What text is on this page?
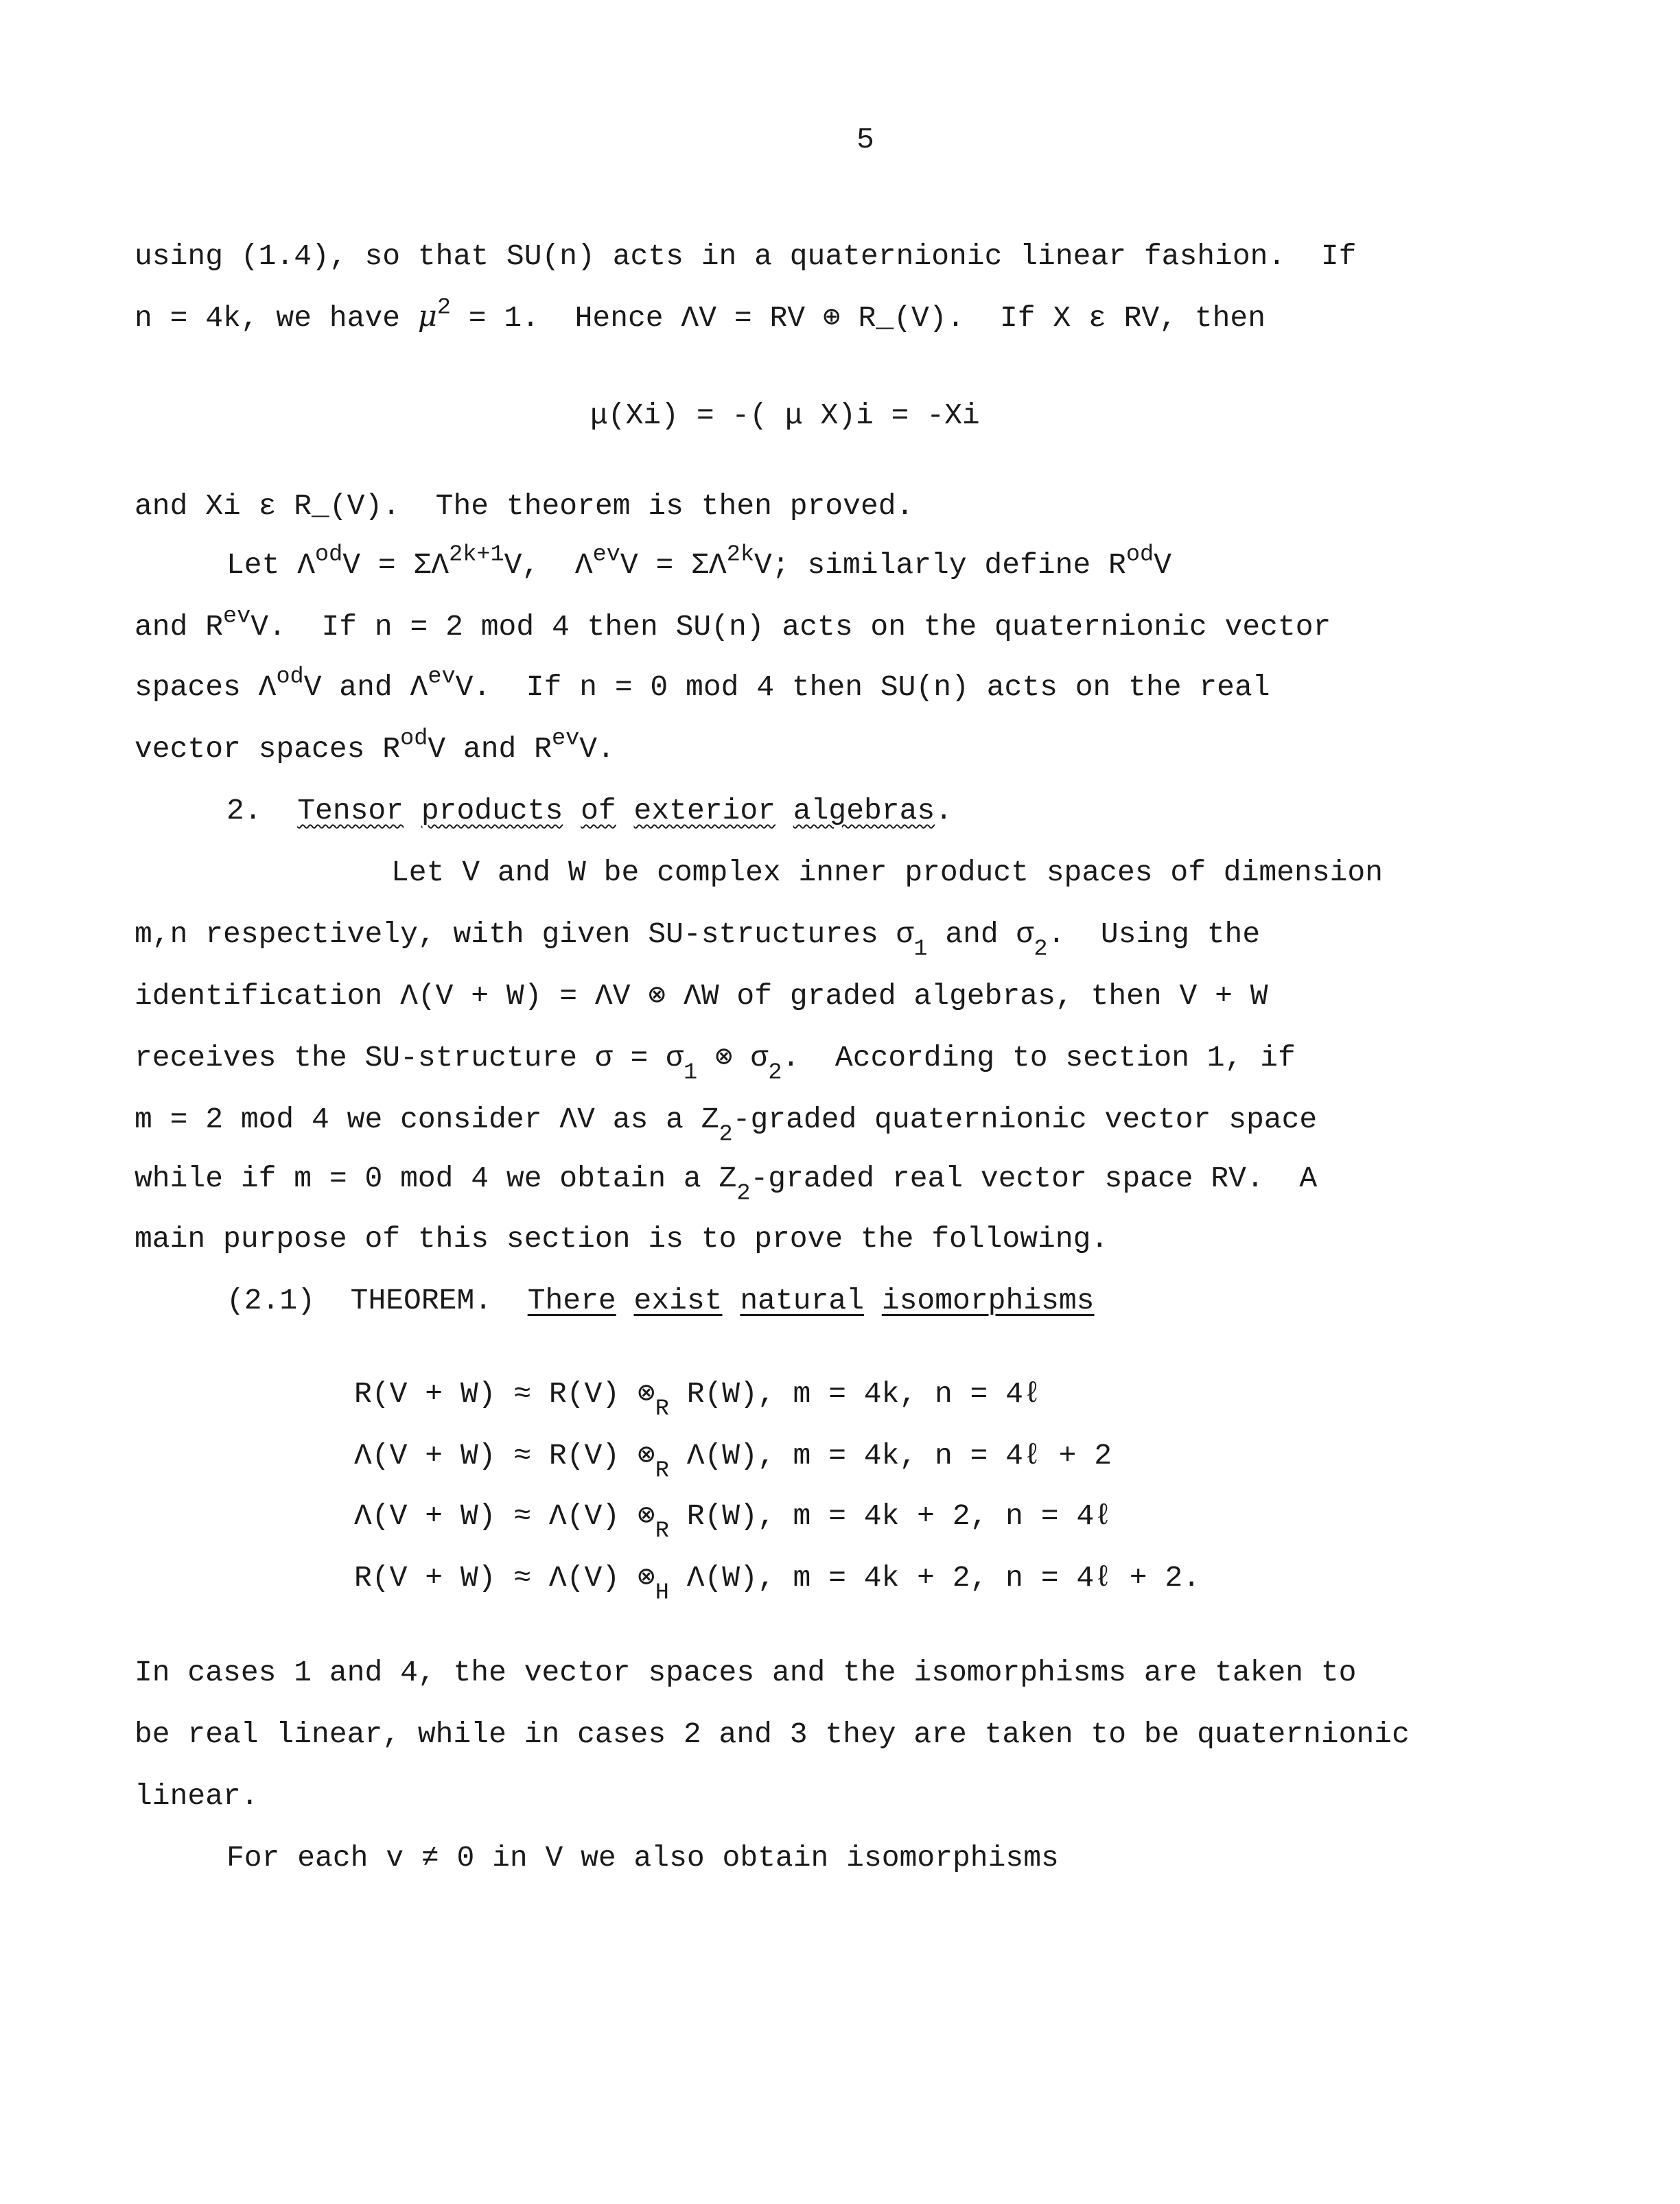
5
using (1.4), so that SU(n) acts in a quaternionic linear fashion.  If
n = 4k, we have $\mu^2 = 1$.  Hence ΛV = RV ⊕ R_(V).  If X ε RV, then
μ(Xi) = -( μ X)i = -Xi
and Xi ε R_(V).  The theorem is then proved.
Let $\Lambda^{od}V = \Sigma\Lambda^{2k+1}V$,  $\Lambda^{ev}V = \Sigma\Lambda^{2k}V$; similarly define $R^{od}V$
and $R^{ev}V$.  If n = 2 mod 4 then SU(n) acts on the quaternionic vector
spaces $\Lambda^{od}V$ and $\Lambda^{ev}V$.  If n = 0 mod 4 then SU(n) acts on the real
vector spaces $R^{od}V$ and $R^{ev}V$.
2. Tensor products of exterior algebras.
Let V and W be complex inner product spaces of dimension
m,n respectively, with given SU-structures $\sigma_1$ and $\sigma_2$.  Using the
identification Λ(V + W) = ΛV ⊗ ΛW of graded algebras, then V + W
receives the SU-structure $\sigma = \sigma_1$ ⊗ $\sigma_2$.  According to section 1, if
m = 2 mod 4 we consider ΛV as a $Z_2$-graded quaternionic vector space
while if m = 0 mod 4 we obtain a $Z_2$-graded real vector space RV.  A
main purpose of this section is to prove the following.
(2.1) THEOREM. There exist natural isomorphisms
R(V + W) ≈ R(V) $\otimes_R$ R(W), m = 4k, n = 4ℓ
Λ(V + W) ≈ R(V) $\otimes_R$ Λ(W), m = 4k, n = 4ℓ + 2
Λ(V + W) ≈ Λ(V) $\otimes_R$ R(W), m = 4k + 2, n = 4ℓ
R(V + W) ≈ Λ(V) $\otimes_H$ Λ(W), m = 4k + 2, n = 4ℓ + 2.
In cases 1 and 4, the vector spaces and the isomorphisms are taken to
be real linear, while in cases 2 and 3 they are taken to be quaternionic
linear.
For each v ≠ 0 in V we also obtain isomorphisms
